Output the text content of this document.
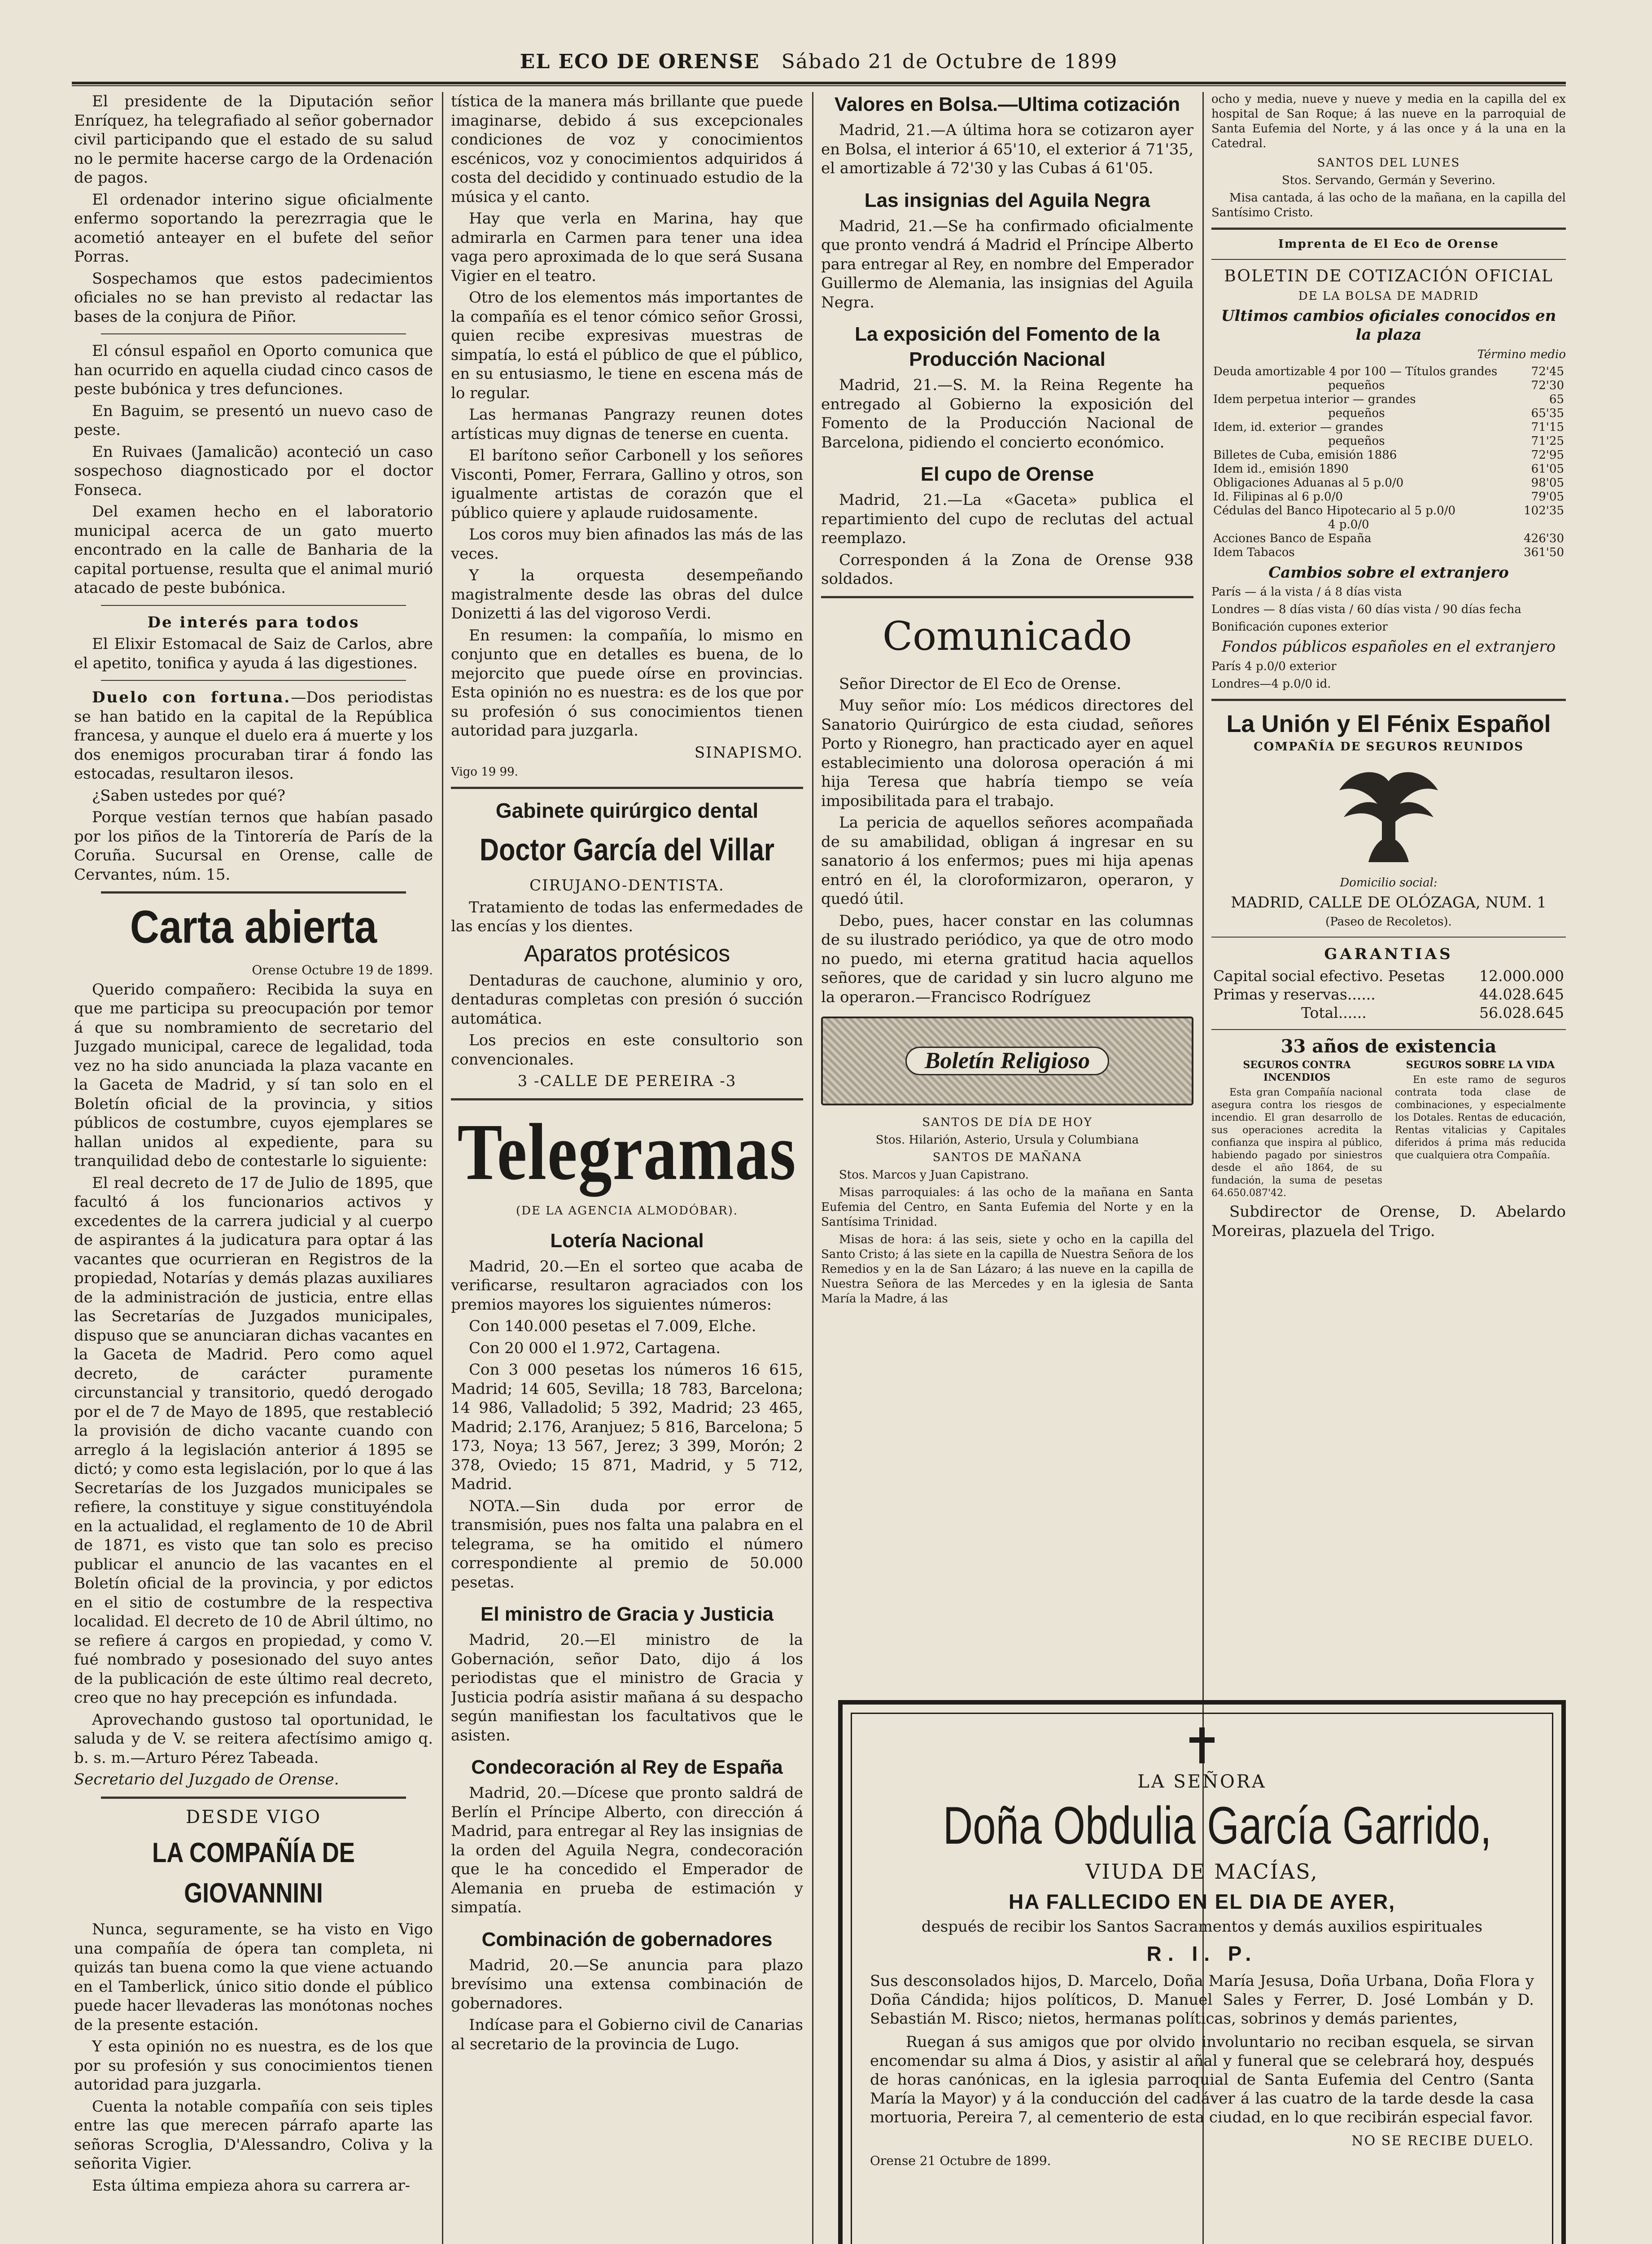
EL ECO DE ORENSE Sábado 21 de Octubre de 1899

El presidente de la Diputación señor Enríquez, ha telegrafiado al señor gobernador civil participando que el estado de su salud no le permite hacerse cargo de la Ordenación de pagos.

El ordenador interino sigue oficialmente enfermo soportando la perezrragia que le acometió anteayer en el bufete del señor Porras.

Sospechamos que estos padecimientos oficiales no se han previsto al redactar las bases de la conjura de Piñor.

El cónsul español en Oporto comunica que han ocurrido en aquella ciudad cinco casos de peste bubónica y tres defunciones.

En Baguim, se presentó un nuevo caso de peste.

En Ruivaes (Jamalicão) aconteció un caso sospechoso diagnosticado por el doctor Fonseca.

Del examen hecho en el laboratorio municipal acerca de un gato muerto encontrado en la calle de Banharia de la capital portuense, resulta que el animal murió atacado de peste bubónica.

De interés para todos

El Elixir Estomacal de Saiz de Carlos, abre el apetito, tonifica y ayuda á las digestiones.

Duelo con fortuna.—Dos periodistas se han batido en la capital de la República francesa, y aunque el duelo era á muerte y los dos enemigos procuraban tirar á fondo las estocadas, resultaron ilesos.

¿Saben ustedes por qué?

Porque vestían ternos que habían pasado por los piños de la Tintorería de París de la Coruña. Sucursal en Orense, calle de Cervantes, núm. 15.

Carta abierta
Orense Octubre 19 de 1899.

Querido compañero: Recibida la suya en que me participa su preocupación por temor á que su nombramiento de secretario del Juzgado municipal, carece de legalidad, toda vez no ha sido anunciada la plaza vacante en la Gaceta de Madrid, y sí tan solo en el Boletín oficial de la provincia, y sitios públicos de costumbre, cuyos ejemplares se hallan unidos al expediente, para su tranquilidad debo de contestarle lo siguiente:

El real decreto de 17 de Julio de 1895, que facultó á los funcionarios activos y excedentes de la carrera judicial y al cuerpo de aspirantes á la judicatura para optar á las vacantes que ocurrieran en Registros de la propiedad, Notarías y demás plazas auxiliares de la administración de justicia, entre ellas las Secretarías de Juzgados municipales, dispuso que se anunciaran dichas vacantes en la Gaceta de Madrid. Pero como aquel decreto, de carácter puramente circunstancial y transitorio, quedó derogado por el de 7 de Mayo de 1895, que restableció la provisión de dicho vacante cuando con arreglo á la legislación anterior á 1895 se dictó; y como esta legislación, por lo que á las Secretarías de los Juzgados municipales se refiere, la constituye y sigue constituyéndola en la actualidad, el reglamento de 10 de Abril de 1871, es visto que tan solo es preciso publicar el anuncio de las vacantes en el Boletín oficial de la provincia, y por edictos en el sitio de costumbre de la respectiva localidad. El decreto de 10 de Abril último, no se refiere á cargos en propiedad, y como V. fué nombrado y posesionado del suyo antes de la publicación de este último real decreto, creo que no hay precepción es infundada.

Aprovechando gustoso tal oportunidad, le saluda y de V. se reitera afectísimo amigo q. b. s. m.—Arturo Pérez Tabeada.

Secretario del Juzgado de Orense.

DESDE VIGO

LA COMPAÑÍA DE GIOVANNINI

Nunca, seguramente, se ha visto en Vigo una compañía de ópera tan completa, ni quizás tan buena como la que viene actuando en el Tamberlick, único sitio donde el público puede hacer llevaderas las monótonas noches de la presente estación.

Y esta opinión no es nuestra, es de los que por su profesión y sus conocimientos tienen autoridad para juzgarla.

Cuenta la notable compañía con seis tiples entre las que merecen párrafo aparte las señoras Scroglia, D'Alessandro, Coliva y la señorita Vigier.

Esta última empieza ahora su carrera ar-

tística de la manera más brillante que puede imaginarse, debido á sus excepcionales condiciones de voz y conocimientos escénicos, voz y conocimientos adquiridos á costa del decidido y continuado estudio de la música y el canto.

Hay que verla en Marina, hay que admirarla en Carmen para tener una idea vaga pero aproximada de lo que será Susana Vigier en el teatro.

Otro de los elementos más importantes de la compañía es el tenor cómico señor Grossi, quien recibe expresivas muestras de simpatía, lo está el público de que el público, en su entusiasmo, le tiene en escena más de lo regular.

Las hermanas Pangrazy reunen dotes artísticas muy dignas de tenerse en cuenta.

El barítono señor Carbonell y los señores Visconti, Pomer, Ferrara, Gallino y otros, son igualmente artistas de corazón que el público quiere y aplaude ruidosamente.

Los coros muy bien afinados las más de las veces.

Y la orquesta desempeñando magistralmente desde las obras del dulce Donizetti á las del vigoroso Verdi.

En resumen: la compañía, lo mismo en conjunto que en detalles es buena, de lo mejorcito que puede oírse en provincias. Esta opinión no es nuestra: es de los que por su profesión ó sus conocimientos tienen autoridad para juzgarla.

SINAPISMO.

Vigo 19 99.

Gabinete quirúrgico dental
Doctor García del Villar

CIRUJANO-DENTISTA.

Tratamiento de todas las enfermedades de las encías y los dientes.

Aparatos protésicos

Dentaduras de cauchone, aluminio y oro, dentaduras completas con presión ó succión automática.

Los precios en este consultorio son convencionales.

3 -CALLE DE PEREIRA -3

Telegramas

(DE LA AGENCIA ALMODÓBAR).

Lotería Nacional

Madrid, 20.—En el sorteo que acaba de verificarse, resultaron agraciados con los premios mayores los siguientes números:

Con 140.000 pesetas el 7.009, Elche.

Con 20 000 el 1.972, Cartagena.

Con 3 000 pesetas los números 16 615, Madrid; 14 605, Sevilla; 18 783, Barcelona; 14 986, Valladolid; 5 392, Madrid; 23 465, Madrid; 2.176, Aranjuez; 5 816, Barcelona; 5 173, Noya; 13 567, Jerez; 3 399, Morón; 2 378, Oviedo; 15 871, Madrid, y 5 712, Madrid.

NOTA.—Sin duda por error de transmisión, pues nos falta una palabra en el telegrama, se ha omitido el número correspondiente al premio de 50.000 pesetas.

El ministro de Gracia y Justicia

Madrid, 20.—El ministro de la Gobernación, señor Dato, dijo á los periodistas que el ministro de Gracia y Justicia podría asistir mañana á su despacho según manifiestan los facultativos que le asisten.

Condecoración al Rey de España

Madrid, 20.—Dícese que pronto saldrá de Berlín el Príncipe Alberto, con dirección á Madrid, para entregar al Rey las insignias de la orden del Aguila Negra, condecoración que le ha concedido el Emperador de Alemania en prueba de estimación y simpatía.

Combinación de gobernadores

Madrid, 20.—Se anuncia para plazo brevísimo una extensa combinación de gobernadores.

Indícase para el Gobierno civil de Canarias al secretario de la provincia de Lugo.

Valores en Bolsa.—Ultima cotización

Madrid, 21.—A última hora se cotizaron ayer en Bolsa, el interior á 65'10, el exterior á 71'35, el amortizable á 72'30 y las Cubas á 61'05.

Las insignias del Aguila Negra

Madrid, 21.—Se ha confirmado oficialmente que pronto vendrá á Madrid el Príncipe Alberto para entregar al Rey, en nombre del Emperador Guillermo de Alemania, las insignias del Aguila Negra.

La exposición del Fomento de la Producción Nacional

Madrid, 21.—S. M. la Reina Regente ha entregado al Gobierno la exposición del Fomento de la Producción Nacional de Barcelona, pidiendo el concierto económico.

El cupo de Orense

Madrid, 21.—La «Gaceta» publica el repartimiento del cupo de reclutas del actual reemplazo.

Corresponden á la Zona de Orense 938 soldados.

Comunicado

Señor Director de El Eco de Orense.

Muy señor mío: Los médicos directores del Sanatorio Quirúrgico de esta ciudad, señores Porto y Rionegro, han practicado ayer en aquel establecimiento una dolorosa operación á mi hija Teresa que habría tiempo se veía imposibilitada para el trabajo.

La pericia de aquellos señores acompañada de su amabilidad, obligan á ingresar en su sanatorio á los enfermos; pues mi hija apenas entró en él, la cloroformizaron, operaron, y quedó útil.

Debo, pues, hacer constar en las columnas de su ilustrado periódico, ya que de otro modo no puedo, mi eterna gratitud hacia aquellos señores, que de caridad y sin lucro alguno me la operaron.—Francisco Rodríguez

Boletín Religioso

SANTOS DE DÍA DE HOY

Stos. Hilarión, Asterio, Ursula y Columbiana

SANTOS DE MAÑANA

Stos. Marcos y Juan Capistrano.

Misas parroquiales: á las ocho de la mañana en Santa Eufemia del Centro, en Santa Eufemia del Norte y en la Santísima Trinidad.

Misas de hora: á las seis, siete y ocho en la capilla del Santo Cristo; á las siete en la capilla de Nuestra Señora de los Remedios y en la de San Lázaro; á las nueve en la capilla de Nuestra Señora de las Mercedes y en la iglesia de Santa María la Madre, á las

ocho y media, nueve y nueve y media en la capilla del ex hospital de San Roque; á las nueve en la parroquial de Santa Eufemia del Norte, y á las once y á la una en la Catedral.

SANTOS DEL LUNES

Stos. Servando, Germán y Severino.

Misa cantada, á las ocho de la mañana, en la capilla del Santísimo Cristo.

Imprenta de El Eco de Orense

BOLETIN DE COTIZACIÓN OFICIAL

DE LA BOLSA DE MADRID

Ultimos cambios oficiales conocidos en la plaza

Término medio

Deuda amortizable 4 por 100 — Títulos grandes	72'45
pequeños	72'30
Idem perpetua interior — grandes	65
pequeños	65'35
Idem, id. exterior — grandes	71'15
pequeños	71'25
Billetes de Cuba, emisión 1886	72'95
Idem id., emisión 1890	61'05
Obligaciones Aduanas al 5 p.0/0	98'05
Id. Filipinas al 6 p.0/0	79'05
Cédulas del Banco Hipotecario al 5 p.0/0	102'35
4 p.0/0	
Acciones Banco de España	426'30
Idem Tabacos	361'50

Cambios sobre el extranjero

París — á la vista / á 8 días vista

Londres — 8 días vista / 60 días vista / 90 días fecha

Bonificación cupones exterior

Fondos públicos españoles en el extranjero

París 4 p.0/0 exterior

Londres—4 p.0/0 id.

La Unión y El Fénix Español

COMPAÑÍA DE SEGUROS REUNIDOS

Domicilio social:

MADRID, CALLE DE OLÓZAGA, NUM. 1

(Paseo de Recoletos).

GARANTIAS

Capital social efectivo. Pesetas	12.000.000
Primas y reservas......	44.028.645
Total......	56.028.645

33 años de existencia

SEGUROS CONTRA INCENDIOS

Esta gran Compañía nacional asegura contra los riesgos de incendio. El gran desarrollo de sus operaciones acredita la confianza que inspira al público, habiendo pagado por siniestros desde el año 1864, de su fundación, la suma de pesetas 64.650.087'42.

SEGUROS SOBRE LA VIDA

En este ramo de seguros contrata toda clase de combinaciones, y especialmente los Dotales. Rentas de educación, Rentas vitalicias y Capitales diferidos á prima más reducida que cualquiera otra Compañía.

Subdirector de Orense, D. Abelardo Moreiras, plazuela del Trigo.

LA SEÑORA
Doña Obdulia García Garrido,
VIUDA DE MACÍAS,
HA FALLECIDO EN EL DIA DE AYER,
después de recibir los Santos Sacramentos y demás auxilios espirituales
R. I. P.
Sus desconsolados hijos, D. Marcelo, Doña María Jesusa, Doña Urbana, Doña Flora y Doña Cándida; hijos políticos, D. Manuel Sales y Ferrer, D. José Lombán y D. Sebastián M. Risco; nietos, hermanas políticas, sobrinos y demás parientes,
Ruegan á sus amigos que por olvido involuntario no reciban esquela, se sirvan encomendar su alma á Dios, y asistir al añal y funeral que se celebrará hoy, después de horas canónicas, en la iglesia parroquial de Santa Eufemia del Centro (Santa María la Mayor) y á la conducción del cadáver á las cuatro de la tarde desde la casa mortuoria, Pereira 7, al cementerio de esta ciudad, en lo que recibirán especial favor.
NO SE RECIBE DUELO.
Orense 21 Octubre de 1899.
